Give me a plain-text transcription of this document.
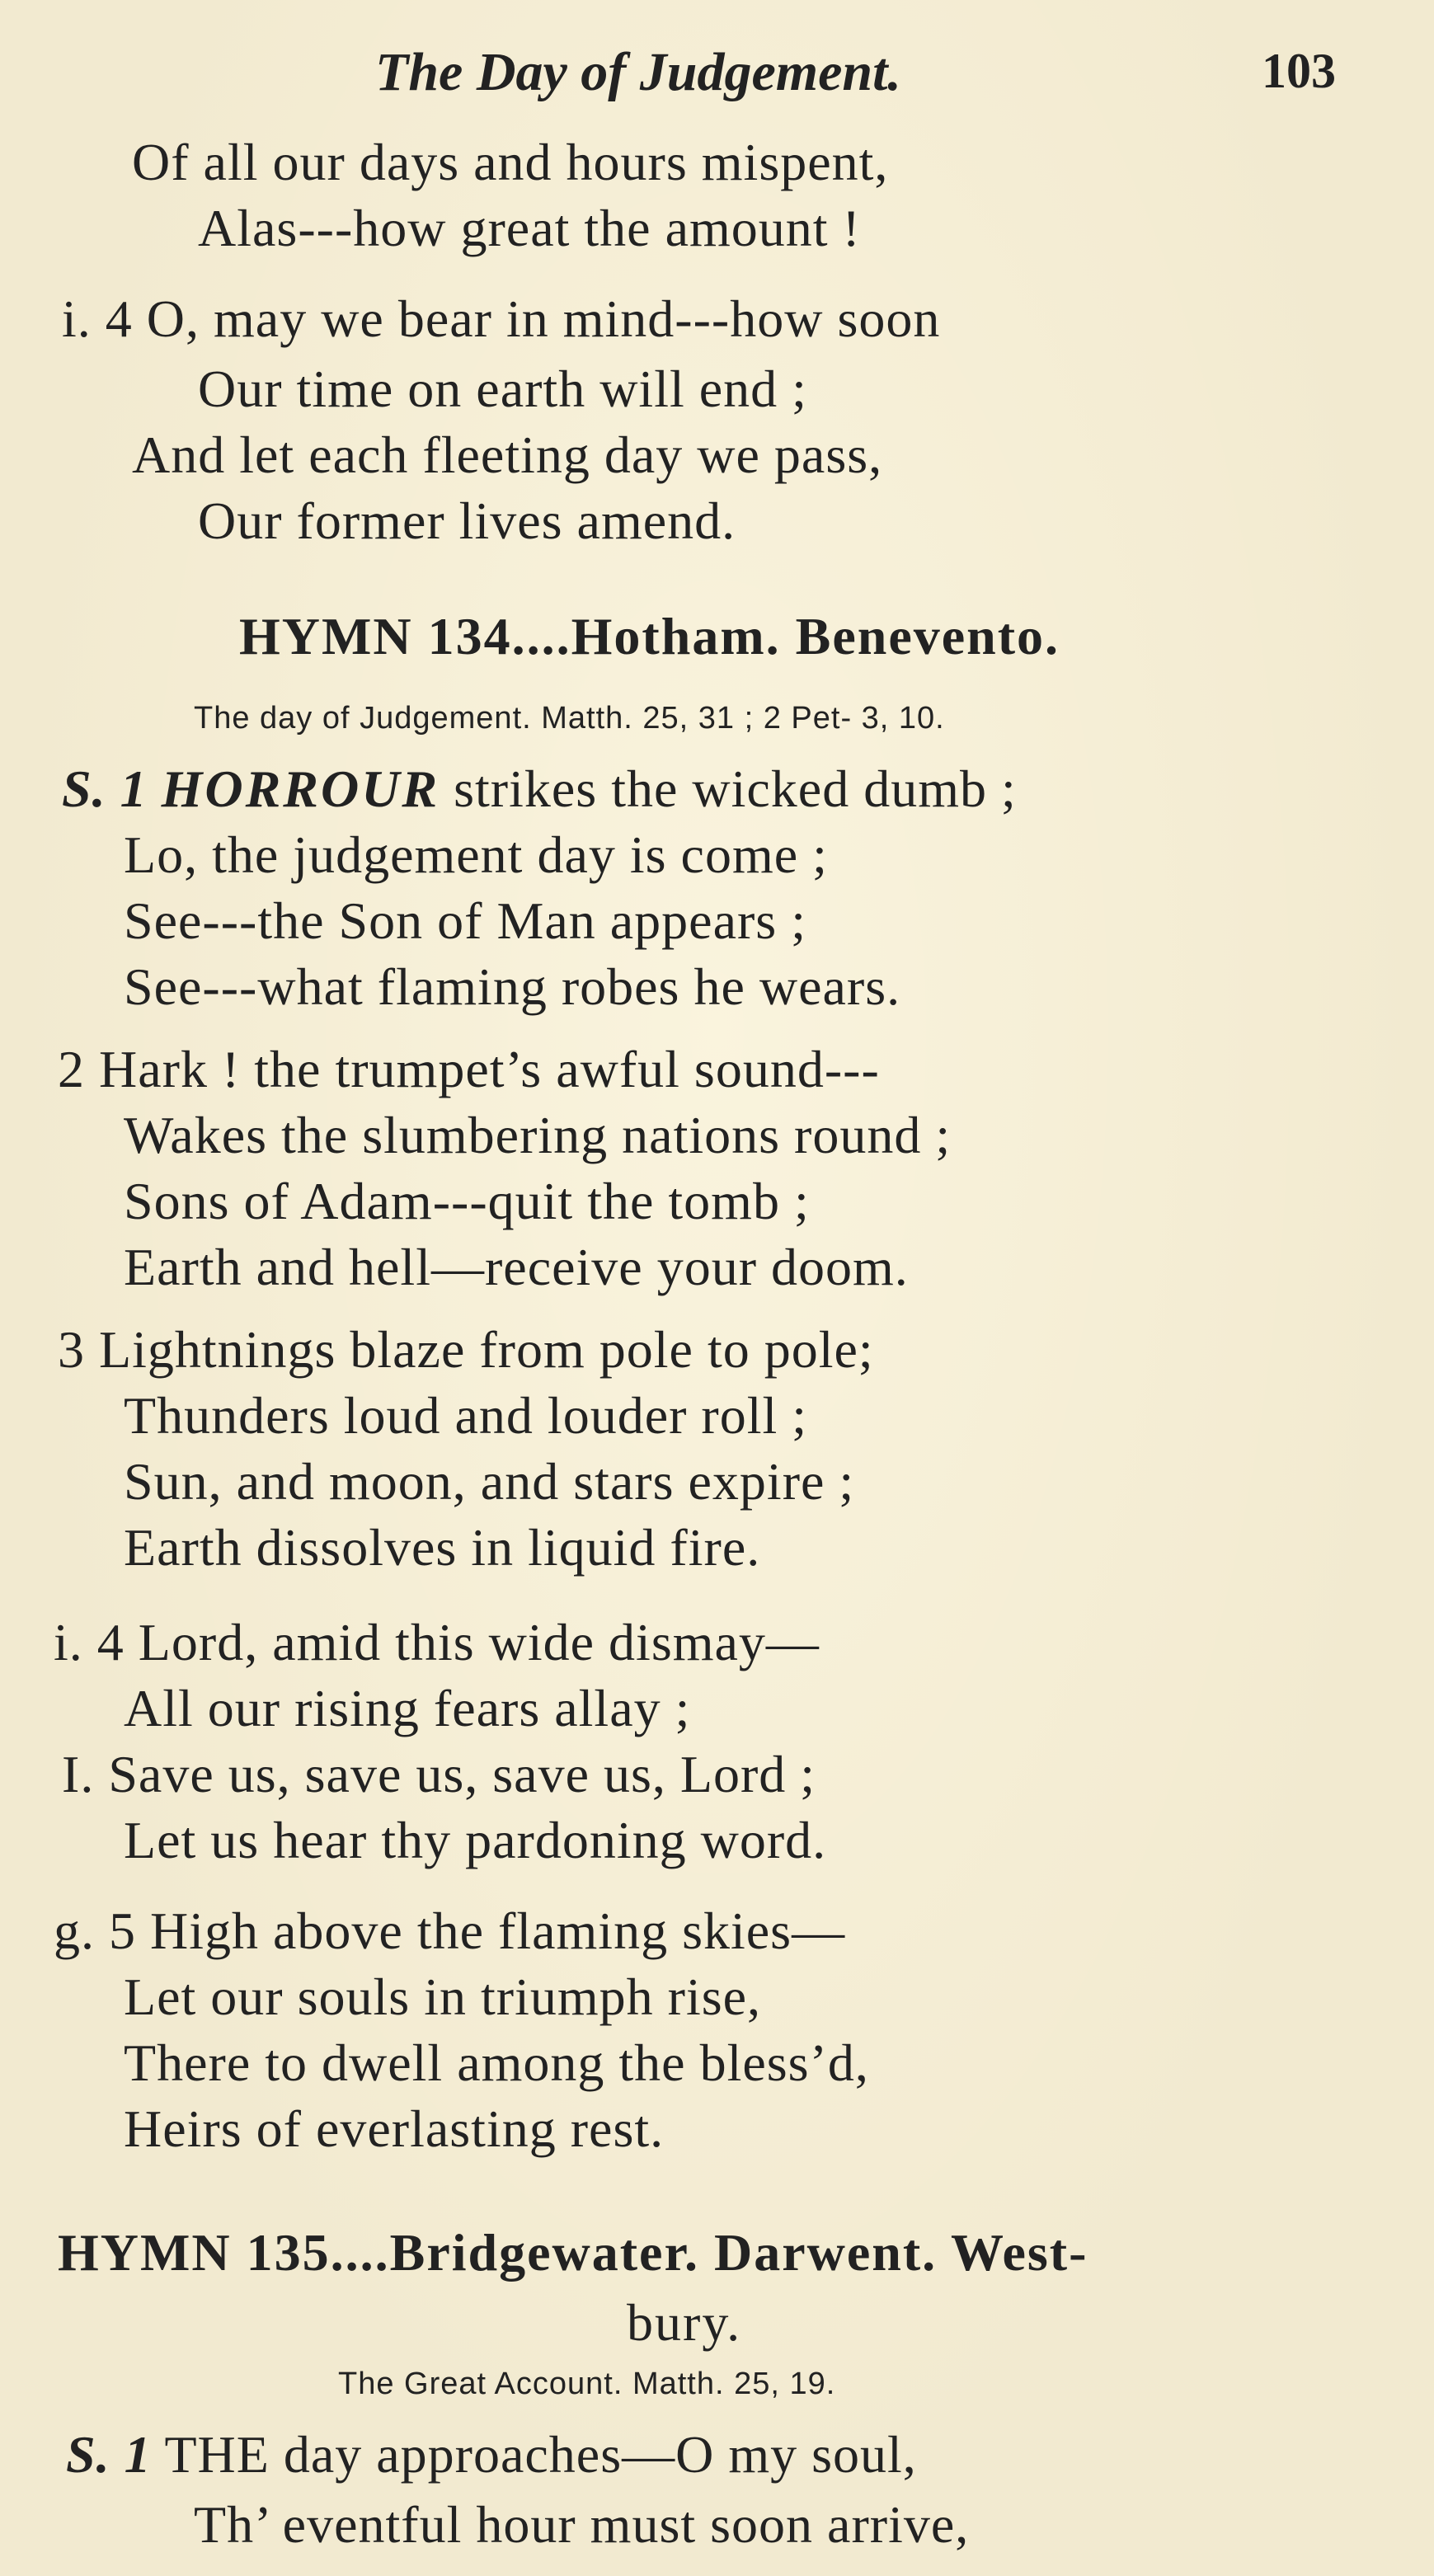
The Day of Judgement.	103
Of all our days and hours mispent,
Alas---how great the amount !
i. 4 O, may we bear in mind---how soon
Our time on earth will end ;
And let each fleeting day we pass,
Our former lives amend.
HYMN 134....Hotham. Benevento.
The day of Judgement. Matth. 25, 31 ; 2 Pet- 3, 10.
S. 1 HORROUR strikes the wicked dumb ;
Lo, the judgement day is come ;
See---the Son of Man appears ;
See---what flaming robes he wears.
2 Hark ! the trumpet’s awful sound---
Wakes the slumbering nations round ;
Sons of Adam---quit the tomb ;
Earth and hell—receive your doom.
3 Lightnings blaze from pole to pole;
Thunders loud and louder roll ;
Sun, and moon, and stars expire ;
Earth dissolves in liquid fire.
i. 4 Lord, amid this wide dismay—
All our rising fears allay ;
I. Save us, save us, save us, Lord ;
Let us hear thy pardoning word.
g. 5 High above the flaming skies—
Let our souls in triumph rise,
There to dwell among the bless’d,
Heirs of everlasting rest.
HYMN 135....Bridgewater. Darwent. West-
bury.
The Great Account. Matth. 25, 19.
S. 1 THE day approaches—O my soul,
Th’ eventful hour must soon arrive,
